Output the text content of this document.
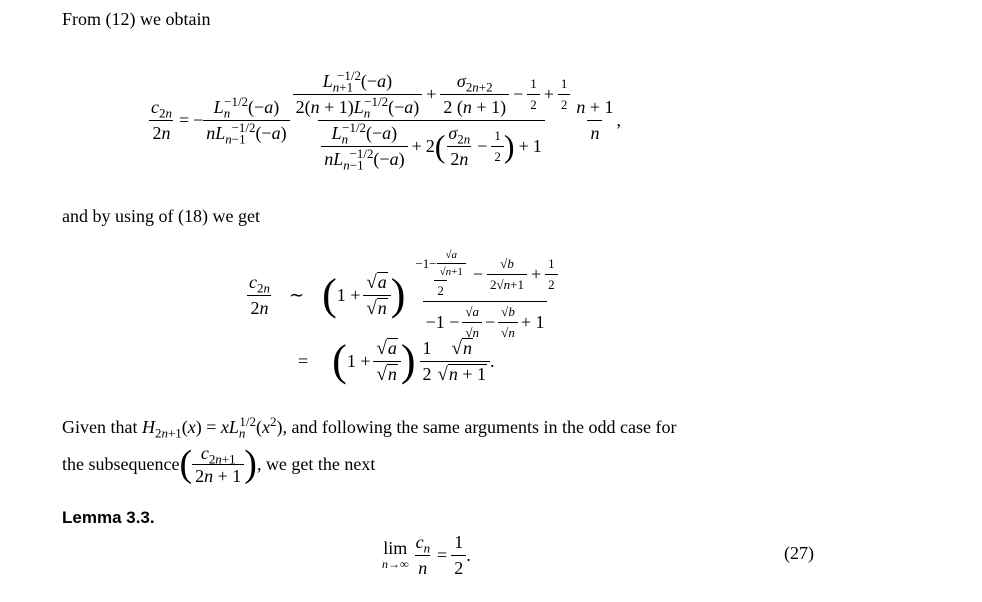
From (12) we obtain
$\frac{c_{2n}}{2n}$ = − $\frac{L_n^{-1/2}(-a)}{nL_{n-1}^{-1/2}(-a)}$
$\frac{L_{n+1}^{-1/2}(-a)}{2(n + 1)L_n^{-1/2}(-a)} + \frac{\sigma_{2n+2}}{2 (n + 1)} - \frac{1}{2} + \frac{1}{2}$
$\frac{L_n^{-1/2}(-a)}{nL_{n-1}^{-1/2}(-a)} + 2$ ( $\frac{\sigma_{2n}}{2n} - \frac{1}{2}$ ) + 1
$\frac{n + 1}{n}$ ,
and by using of (18) we get
$\frac{c_{2n}}{2n}$ ∼ ( $1 + \frac{√ a}{√ n}$ ) $\frac{-1- \frac{√a}{√n+1}}{2} - \frac{√b}{2√n+1} + \frac{1}{2}$
$-1 - \frac{√a}{√n} - \frac{√b}{√n} + 1$
= ( $1 + \frac{√ a}{√ n}$ ) $\frac{1}{2} \frac{√ n}{√ n + 1}$ .
Given that $H_{2n+1}(x) = xL_n^{1/2}(x^2)$, and following the same arguments in the odd case for
the subsequence ( $\frac{c_{2n+1}}{2n + 1}$ ) , we get the next
Lemma 3.3.
lim
$n\to\infty \frac{c_n}{n} = \frac{1}{2}$ .	(27)
